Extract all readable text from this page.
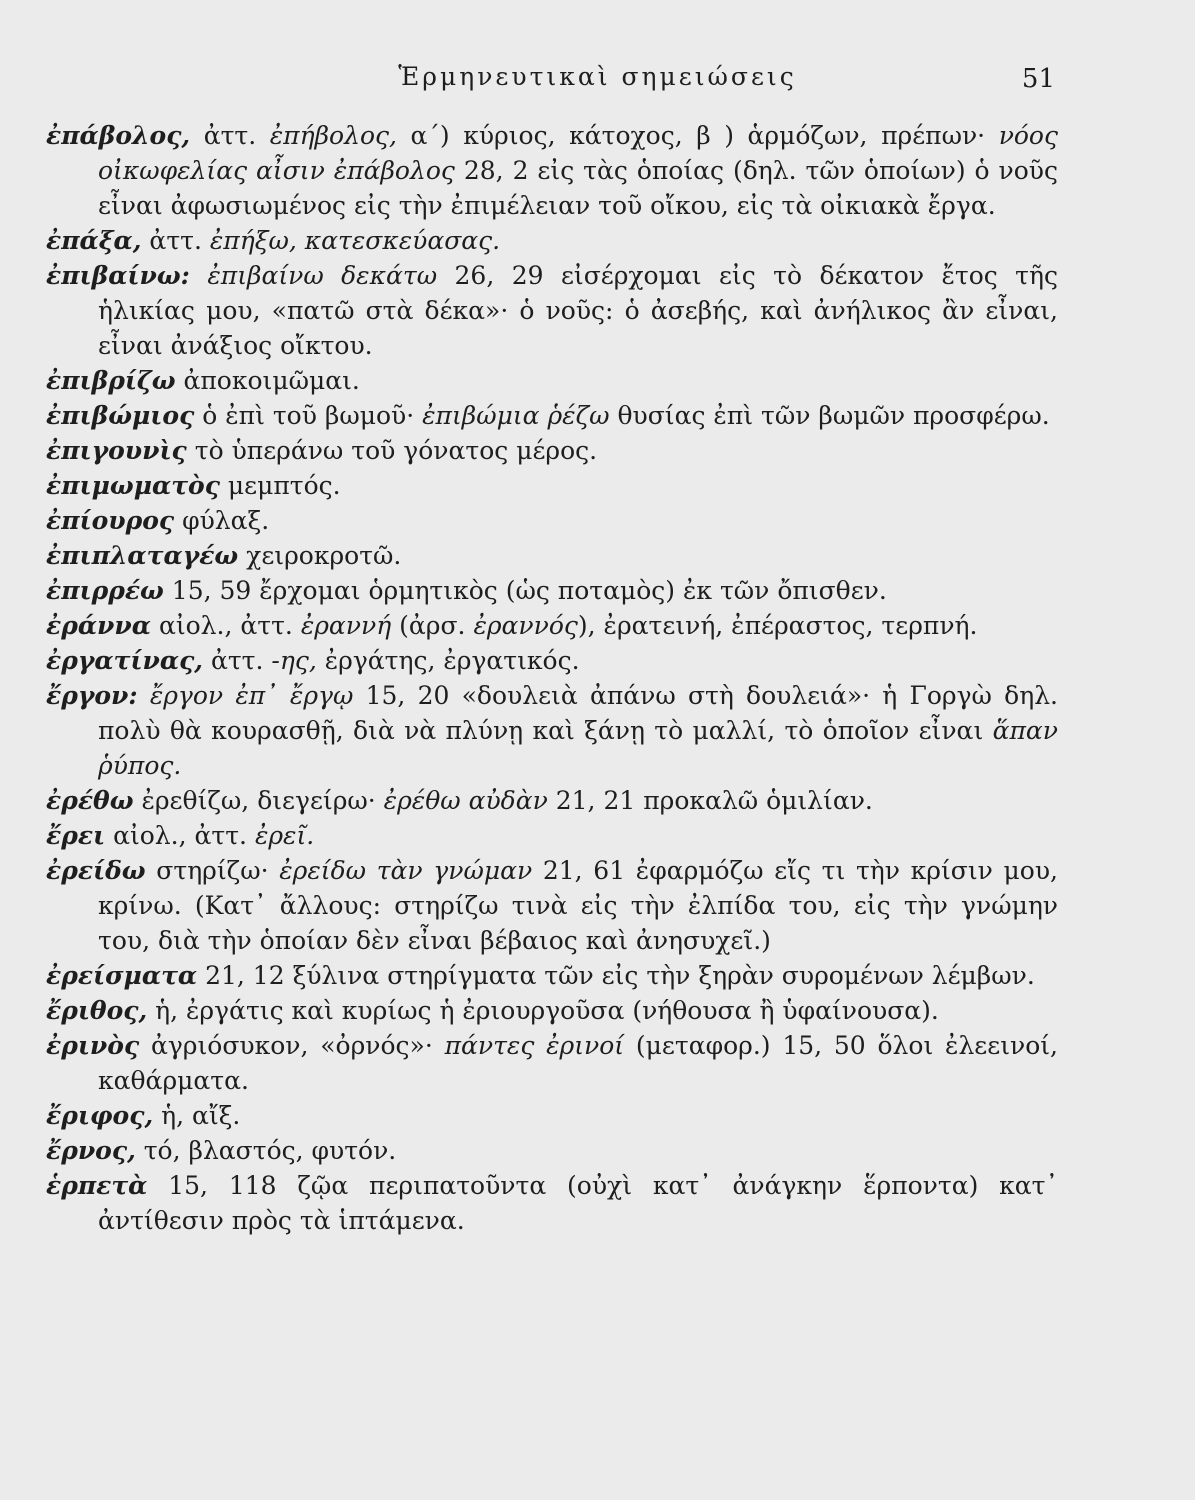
Ἑρμηνευτικαὶ σημειώσεις	51
ἐπάβολος, ἀττ. ἐπήβολος, α΄) κύριος, κάτοχος, β ) ἁρμόζων, πρέπων· νόος οἰκωφελίας αἶσιν ἐπάβολος 28, 2 εἰς τὰς ὁποίας (δηλ. τῶν ὁποίων) ὁ νοῦς εἶναι ἀφωσιωμένος εἰς τὴν ἐπιμέλειαν τοῦ οἴκου, εἰς τὰ οἰκιακὰ ἔργα.
ἐπάξα, ἀττ. ἐπήξω, κατεσκεύασας.
ἐπιβαίνω: ἐπιβαίνω δεκάτω 26, 29 εἰσέρχομαι εἰς τὸ δέκατον ἔτος τῆς ἡλικίας μου, «πατῶ στὰ δέκα»· ὁ νοῦς: ὁ ἀσεβής, καὶ ἀνήλικος ἂν εἶναι, εἶναι ἀνάξιος οἴκτου.
ἐπιβρίζω ἀποκοιμῶμαι.
ἐπιβώμιος ὁ ἐπὶ τοῦ βωμοῦ· ἐπιβώμια ῥέζω θυσίας ἐπὶ τῶν βωμῶν προσφέρω.
ἐπιγουνὶς τὸ ὑπεράνω τοῦ γόνατος μέρος.
ἐπιμωματὸς μεμπτός.
ἐπίουρος φύλαξ.
ἐπιπλαταγέω χειροκροτῶ.
ἐπιρρέω 15, 59 ἔρχομαι ὁρμητικὸς (ὡς ποταμὸς) ἐκ τῶν ὄπισθεν.
ἐράννα αἰολ., ἀττ. ἐραννή (ἀρσ. ἐραννός), ἐρατεινή, ἐπέραστος, τερπνή.
ἐργατίνας, ἀττ. -ης, ἐργάτης, ἐργατικός.
ἔργον: ἔργον ἐπ᾽ ἔργῳ 15, 20 «δουλειὰ ἀπάνω στὴ δουλειά»· ἡ Γοργὼ δηλ. πολὺ θὰ κουρασθῇ, διὰ νὰ πλύνῃ καὶ ξάνῃ τὸ μαλλί, τὸ ὁποῖον εἶναι ἅπαν ῥύπος.
ἐρέθω ἐρεθίζω, διεγείρω· ἐρέθω αὐδὰν 21, 21 προκαλῶ ὁμιλίαν.
ἔρει αἰολ., ἀττ. ἐρεῖ.
ἐρείδω στηρίζω· ἐρείδω τὰν γνώμαν 21, 61 ἐφαρμόζω εἴς τι τὴν κρίσιν μου, κρίνω. (Κατ᾽ ἄλλους: στηρίζω τινὰ εἰς τὴν ἐλπίδα του, εἰς τὴν γνώμην του, διὰ τὴν ὁποίαν δὲν εἶναι βέβαιος καὶ ἀνησυχεῖ.)
ἐρείσματα 21, 12 ξύλινα στηρίγματα τῶν εἰς τὴν ξηρὰν συρομένων λέμβων.
ἔριθος, ἡ, ἐργάτις καὶ κυρίως ἡ ἐριουργοῦσα (νήθουσα ἢ ὑφαίνουσα).
ἐρινὸς ἀγριόσυκον, «ὀρνός»· πάντες ἐρινοί (μεταφορ.) 15, 50 ὅλοι ἐλεεινοί, καθάρματα.
ἔριφος, ἡ, αἴξ.
ἔρνος, τό, βλαστός, φυτόν.
ἑρπετὰ 15, 118 ζῷα περιπατοῦντα (οὐχὶ κατ᾽ ἀνάγκην ἕρποντα) κατ᾽ ἀντίθεσιν πρὸς τὰ ἱπτάμενα.
